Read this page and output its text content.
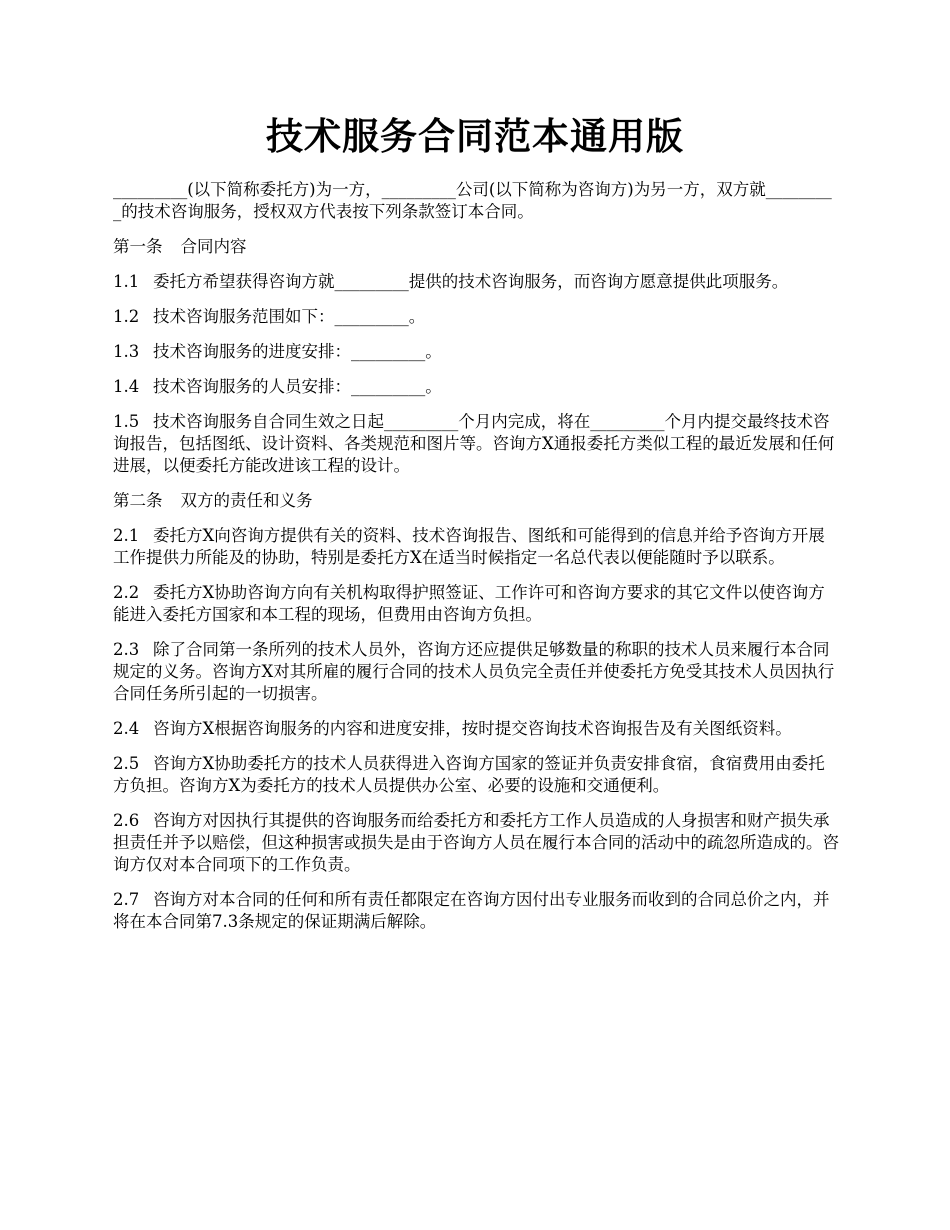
技术服务合同范本通用版

_________(以下简称委托方)为一方，_________公司(以下简称为咨询方)为另一方，双方就_________的技术咨询服务，授权双方代表按下列条款签订本合同。

第一条 合同内容

1.1 委托方希望获得咨询方就_________提供的技术咨询服务，而咨询方愿意提供此项服务。

1.2 技术咨询服务范围如下：_________。

1.3 技术咨询服务的进度安排：_________。

1.4 技术咨询服务的人员安排：_________。

1.5 技术咨询服务自合同生效之日起_________个月内完成，将在_________个月内提交最终技术咨询报告，包括图纸、设计资料、各类规范和图片等。咨询方X通报委托方类似工程的最近发展和任何进展，以便委托方能改进该工程的设计。

第二条 双方的责任和义务

2.1 委托方X向咨询方提供有关的资料、技术咨询报告、图纸和可能得到的信息并给予咨询方开展工作提供力所能及的协助，特别是委托方X在适当时候指定一名总代表以便能随时予以联系。

2.2 委托方X协助咨询方向有关机构取得护照签证、工作许可和咨询方要求的其它文件以使咨询方能进入委托方国家和本工程的现场，但费用由咨询方负担。

2.3 除了合同第一条所列的技术人员外，咨询方还应提供足够数量的称职的技术人员来履行本合同规定的义务。咨询方X对其所雇的履行合同的技术人员负完全责任并使委托方免受其技术人员因执行合同任务所引起的一切损害。

2.4 咨询方X根据咨询服务的内容和进度安排，按时提交咨询技术咨询报告及有关图纸资料。

2.5 咨询方X协助委托方的技术人员获得进入咨询方国家的签证并负责安排食宿，食宿费用由委托方负担。咨询方X为委托方的技术人员提供办公室、必要的设施和交通便利。

2.6 咨询方对因执行其提供的咨询服务而给委托方和委托方工作人员造成的人身损害和财产损失承担责任并予以赔偿，但这种损害或损失是由于咨询方人员在履行本合同的活动中的疏忽所造成的。咨询方仅对本合同项下的工作负责。

2.7 咨询方对本合同的任何和所有责任都限定在咨询方因付出专业服务而收到的合同总价之内，并将在本合同第7.3条规定的保证期满后解除。
